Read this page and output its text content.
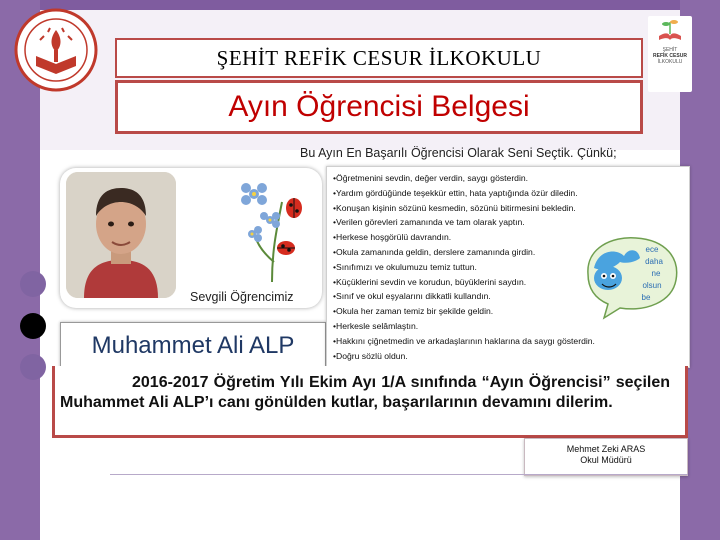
ŞEHİT
REFİK CESUR
İLKOKULU
ŞEHİT REFİK CESUR İLKOKULU
Ayın Öğrencisi Belgesi
Bu Ayın En Başarılı Öğrencisi Olarak Seni Seçtik. Çünkü;
Sevgili Öğrencimiz
Muhammet Ali ALP
•Öğretmenini sevdin, değer verdin, saygı gösterdin.
•Yardım gördüğünde teşekkür ettin, hata yaptığında özür diledin.
•Konuşan kişinin sözünü kesmedin, sözünü bitirmesini bekledin.
•Verilen görevleri zamanında ve tam olarak yaptın.
•Herkese hoşgörülü davrandın.
•Okula zamanında geldin, derslere zamanında girdin.
•Sınıfımızı ve okulumuzu temiz tuttun.
•Küçüklerini sevdin ve korudun, büyüklerini saydın.
•Sınıf ve okul eşyalarını dikkatli kullandın.
•Okula her zaman temiz bir şekilde geldin.
•Herkesle selâmlaştın.
•Hakkını çiğnetmedin ve arkadaşlarının haklarına da saygı gösterdin.
•Doğru sözlü oldun.
ece
daha
ne
olsun
be
2016-2017 Öğretim Yılı Ekim Ayı 1/A sınıfında “Ayın Öğrencisi” seçilen Muhammet Ali ALP’ı canı gönülden kutlar, başarılarının devamını dilerim.
Mehmet Zeki ARAS
Okul Müdürü
